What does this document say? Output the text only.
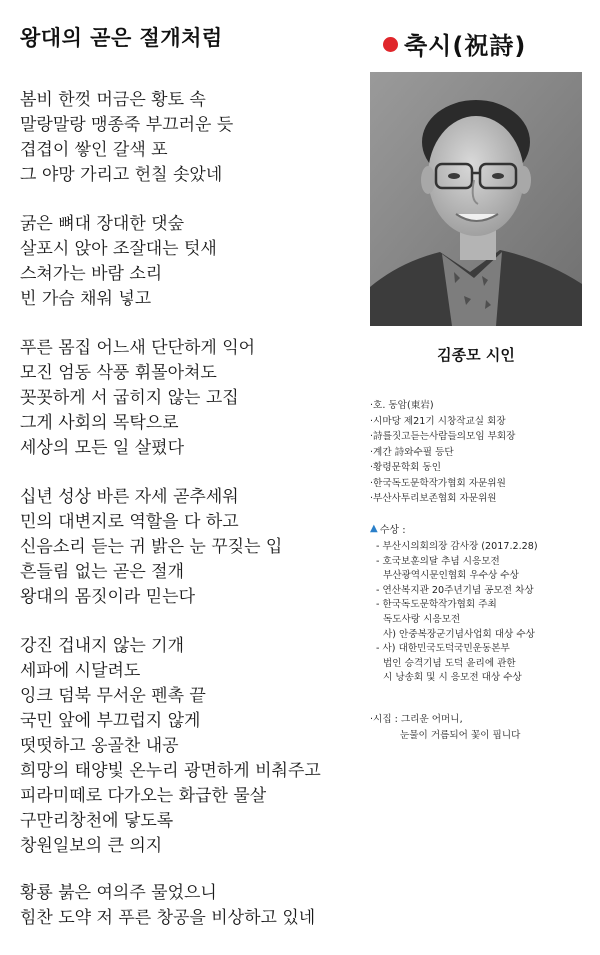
왕대의 곧은 절개처럼
봄비 한껏 머금은 황토 속
말랑말랑 맹종죽 부끄러운 듯
겹겹이 쌓인 갈색 포
그 야망 가리고 헌칠 솟았네
굵은 뼈대 장대한 댓숲
살포시 앉아 조잘대는 텃새
스쳐가는 바람 소리
빈 가슴 채워 넣고
푸른 몸집 어느새 단단하게 익어
모진 엄동 삭풍 휘몰아쳐도
꼿꼿하게 서 굽히지 않는 고집
그게 사회의 목탁으로
세상의 모든 일 살폈다
십년 성상 바른 자세 곧추세워
민의 대변지로 역할을 다 하고
신음소리 듣는 귀 밝은 눈 꾸짖는 입
흔들림 없는 곧은 절개
왕대의 몸짓이라 믿는다
강진 겁내지 않는 기개
세파에 시달려도
잉크 덤북 무서운 펜촉 끝
국민 앞에 부끄럽지 않게
떳떳하고 옹골찬 내공
희망의 태양빛 온누리 광면하게 비춰주고
피라미떼로 다가오는 화급한 물살
구만리창천에 닿도록
창원일보의 큰 의지
황룡 붉은 여의주 물었으니
힘찬 도약 저 푸른 창공을 비상하고 있네
축시(祝詩)
김종모 시인
·호. 동암(東岩)
·시마당 제21기 시창작교실 회장
·詩를짓고듣는사람들의모임 부회장
·계간 詩와수필 등단
·황령문학회 동인
·한국독도문학작가협회 자문위원
·부산사투리보존협회 자문위원
▲ 수상 :
- 부산시의회의장 감사장 (2017.2.28)
- 호국보훈의달 추념 시응모전
부산광역시문인협회 우수상 수상
- 연산복지관 20주년기념 공모전 차상
- 한국독도문학작가협회 주최
독도사랑 시응모전
사) 안중복장군기념사업회 대상 수상
- 사) 대한민국도덕국민운동본부
법인 승격기념 도덕 윤리에 관한
시 낭송회 및 시 응모전 대상 수상
·시집 : 그리운 어머니,
눈물이 거름되어 꽃이 핍니다
